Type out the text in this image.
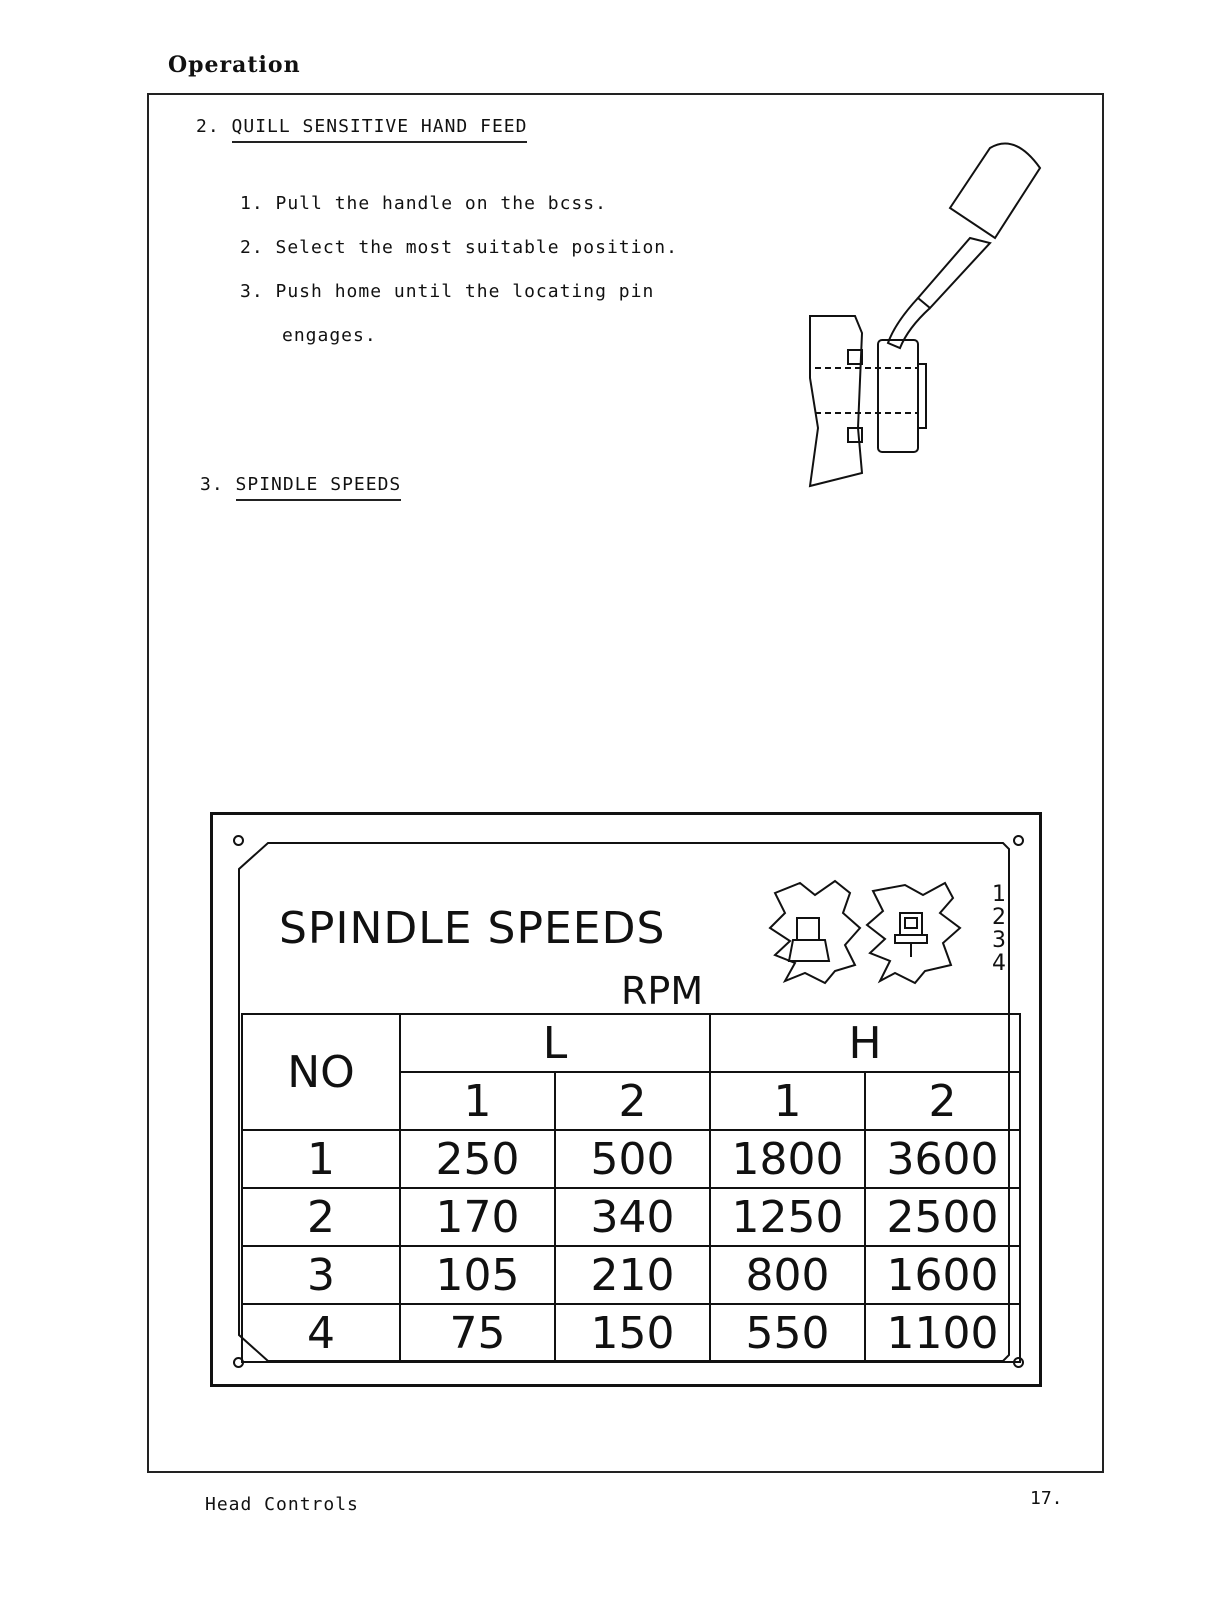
Operation
2. QUILL SENSITIVE HAND FEED
1. Pull the handle on the bcss.
2. Select the most suitable position.
3. Push home until the locating pin
engages.
3. SPINDLE SPEEDS
SPINDLE SPEEDS
RPM
1
2
3
4
NO	L		H	
	1	2	1	2
1	250	500	1800	3600
2	170	340	1250	2500
3	105	210	800	1600
4	75	150	550	1100
Head Controls	17.
